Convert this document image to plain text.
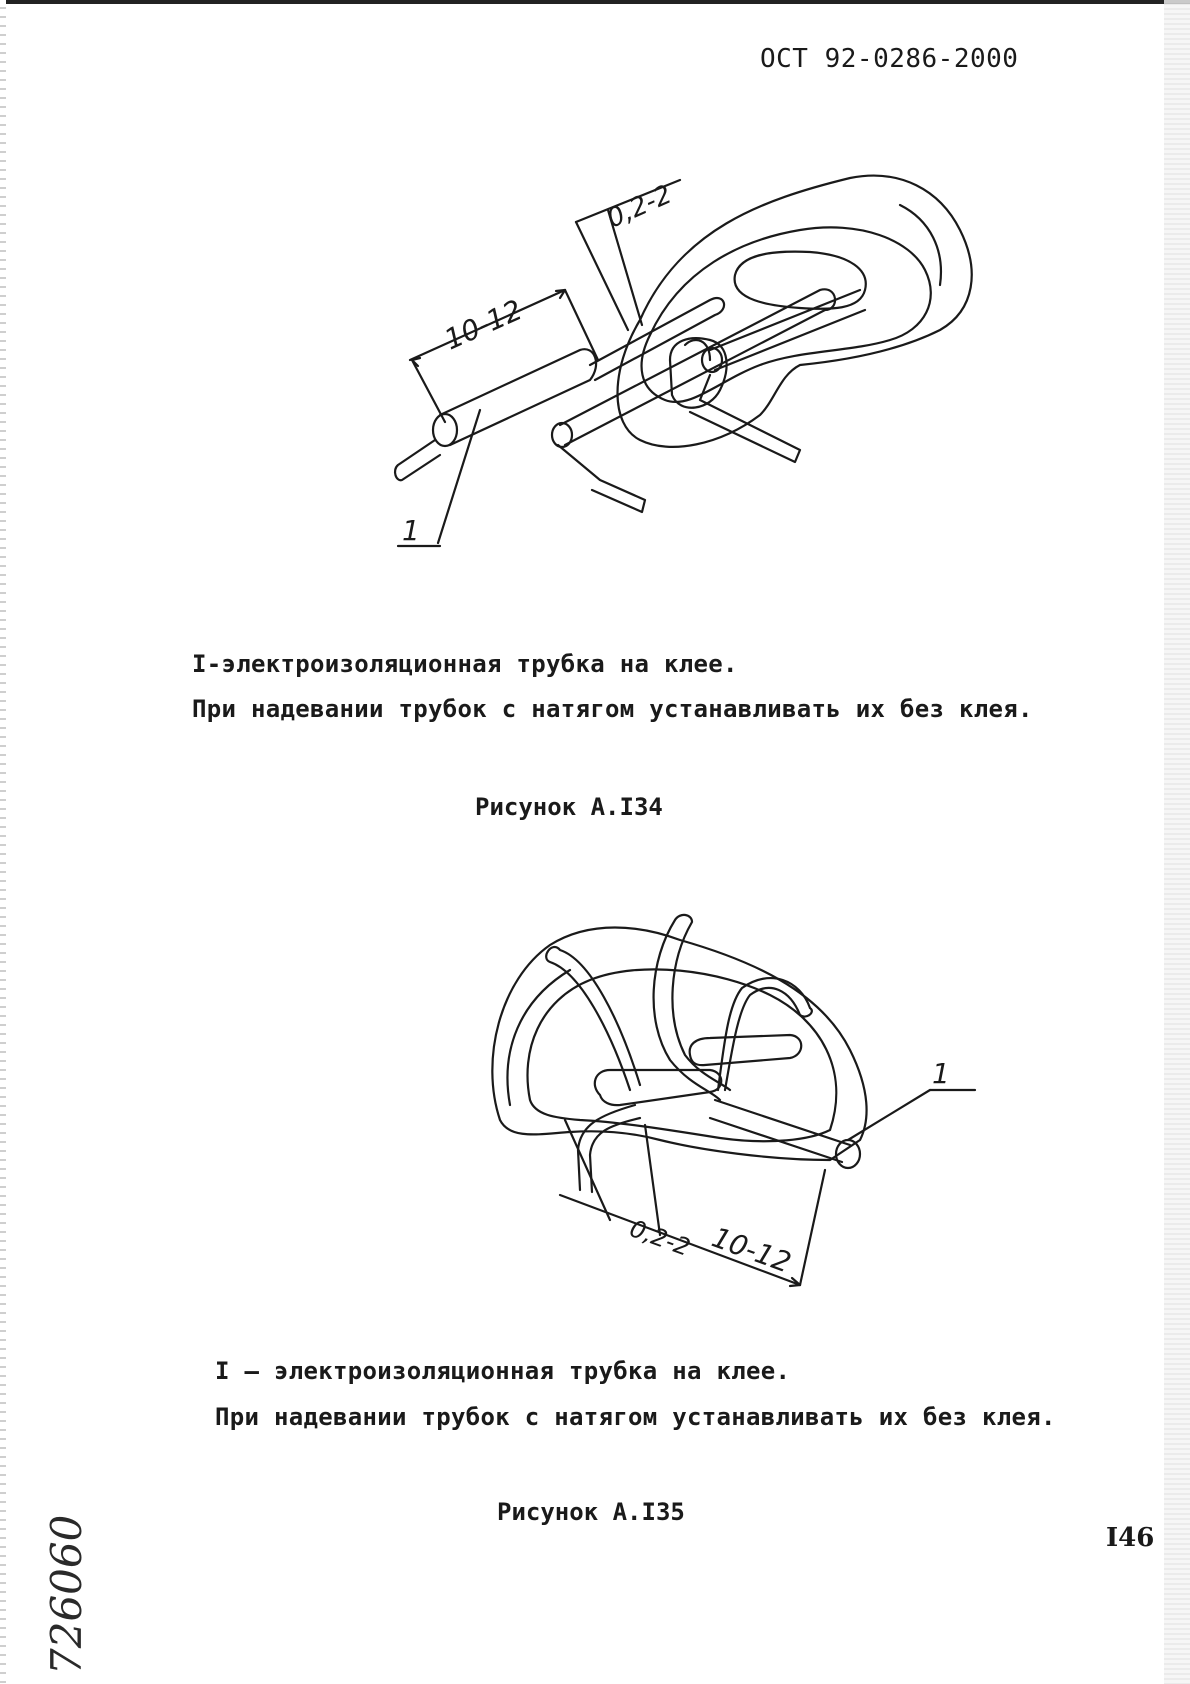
ОСТ 92-0286-2000
1
10-12
0,2-2
I-электроизоляционная трубка на клее.
При надевании трубок с натягом устанавливать их без клея.
Рисунок А.I34
1
0,2-2 10-12
I – электроизоляционная трубка на клее.
При надевании трубок с натягом устанавливать их без клея.
Рисунок А.I35
I46
726060
